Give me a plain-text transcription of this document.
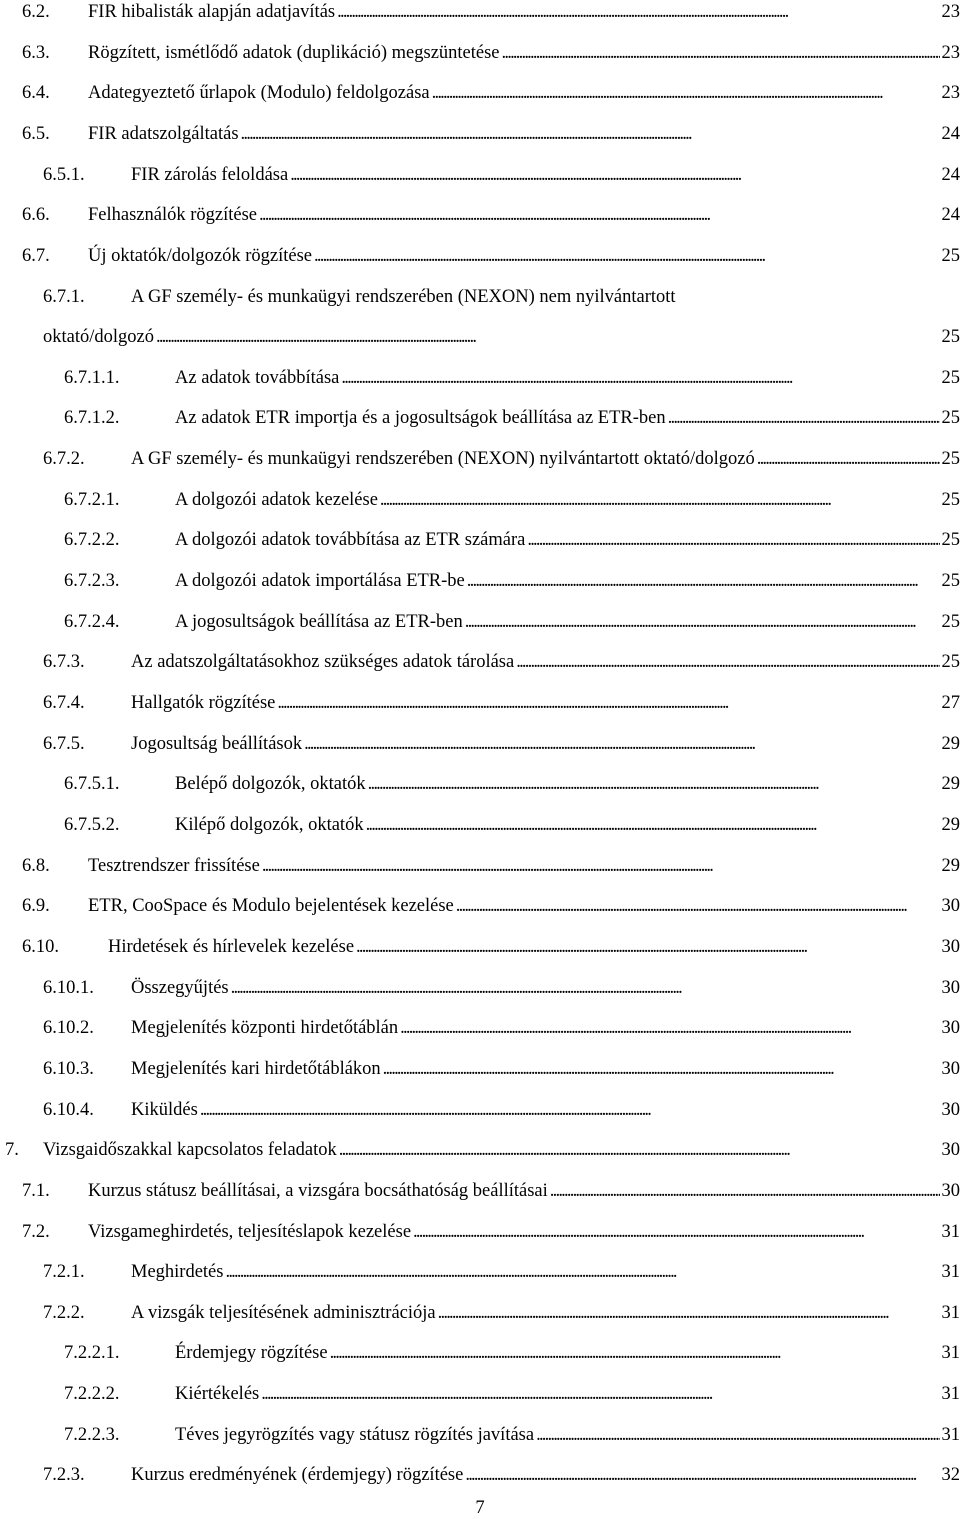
6.2.	FIR hibalisták alapján adatjavítás . . .	23
6.3.	Rögzített, ismétlődő adatok (duplikáció) megszüntetése . . .	23
6.4.	Adategyeztető űrlapok (Modulo) feldolgozása . . .	23
6.5.	FIR adatszolgáltatás . . .	24
6.5.1.	FIR zárolás feloldása . . .	24
6.6.	Felhasználók rögzítése . . .	24
6.7.	Új oktatók/dolgozók rögzítése . . .	25
6.7.1.	A GF személy- és munkaügyi rendszerében (NEXON) nem nyilvántartott
oktató/dolgozó . . .	25
6.7.1.1.	Az adatok továbbítása . . .	25
6.7.1.2.	Az adatok ETR importja és a jogosultságok beállítása az ETR-ben . . .	25
6.7.2.	A GF személy- és munkaügyi rendszerében (NEXON) nyilvántartott oktató/dolgozó . . .	25
6.7.2.1.	A dolgozói adatok kezelése . . .	25
6.7.2.2.	A dolgozói adatok továbbítása az ETR számára . . .	25
6.7.2.3.	A dolgozói adatok importálása ETR-be . . .	25
6.7.2.4.	A jogosultságok beállítása az ETR-ben . . .	25
6.7.3.	Az adatszolgáltatásokhoz szükséges adatok tárolása . . .	25
6.7.4.	Hallgatók rögzítése . . .	27
6.7.5.	Jogosultság beállítások . . .	29
6.7.5.1.	Belépő dolgozók, oktatók . . .	29
6.7.5.2.	Kilépő dolgozók, oktatók . . .	29
6.8.	Tesztrendszer frissítése . . .	29
6.9.	ETR, CooSpace és Modulo bejelentések kezelése . . .	30
6.10.	Hirdetések és hírlevelek kezelése . . .	30
6.10.1.	Összegyűjtés . . .	30
6.10.2.	Megjelenítés központi hirdetőtáblán . . .	30
6.10.3.	Megjelenítés kari hirdetőtáblákon . . .	30
6.10.4.	Kiküldés . . .	30
7.	Vizsgaidőszakkal kapcsolatos feladatok . . .	30
7.1.	Kurzus státusz beállításai, a vizsgára bocsáthatóság beállításai . . .	30
7.2.	Vizsgameghirdetés, teljesítéslapok kezelése . . .	31
7.2.1.	Meghirdetés . . .	31
7.2.2.	A vizsgák teljesítésének adminisztrációja . . .	31
7.2.2.1.	Érdemjegy rögzítése . . .	31
7.2.2.2.	Kiértékelés . . .	31
7.2.2.3.	Téves jegyrögzítés vagy státusz rögzítés javítása . . .	31
7.2.3.	Kurzus eredményének (érdemjegy) rögzítése . . .	32
7
